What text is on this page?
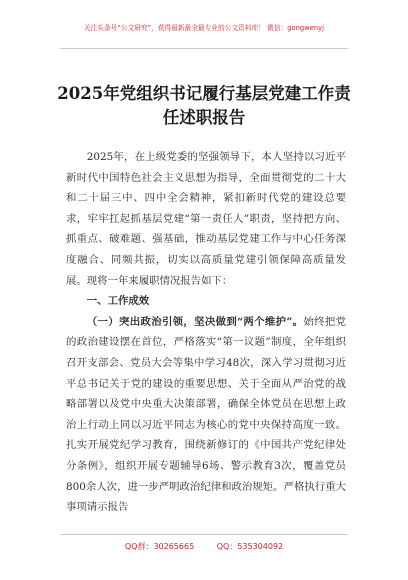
关注头条号“公文研究”，获得最新最全最专业的公文资料库！ 微信：gongwenyj
2025年党组织书记履行基层党建工作责
任述职报告

2025年，在上级党委的坚强领导下，本人坚持以习近平新时代中国特色社会主义思想为指导，全面贯彻党的二十大和二十届三中、四中全会精神，紧扣新时代党的建设总要求，牢牢扛起抓基层党建“第一责任人”职责，坚持把方向、抓重点、破难题、强基础，推动基层党建工作与中心任务深度融合、同频共振，切实以高质量党建引领保障高质量发展。现将一年来履职情况报告如下：

一、工作成效

（一）突出政治引领，坚决做到“两个维护”。始终把党的政治建设摆在首位，严格落实“第一议题”制度，全年组织召开支部会、党员大会等集中学习48次，深入学习贯彻习近平总书记关于党的建设的重要思想、关于全面从严治党的战略部署以及党中央重大决策部署，确保全体党员在思想上政治上行动上同以习近平同志为核心的党中央保持高度一致。扎实开展党纪学习教育，围绕新修订的《中国共产党纪律处分条例》，组织开展专题辅导6场、警示教育3次，覆盖党员800余人次，进一步严明政治纪律和政治规矩。严格执行重大事项请示报告

QQ群：30265665	QQ：535304092
